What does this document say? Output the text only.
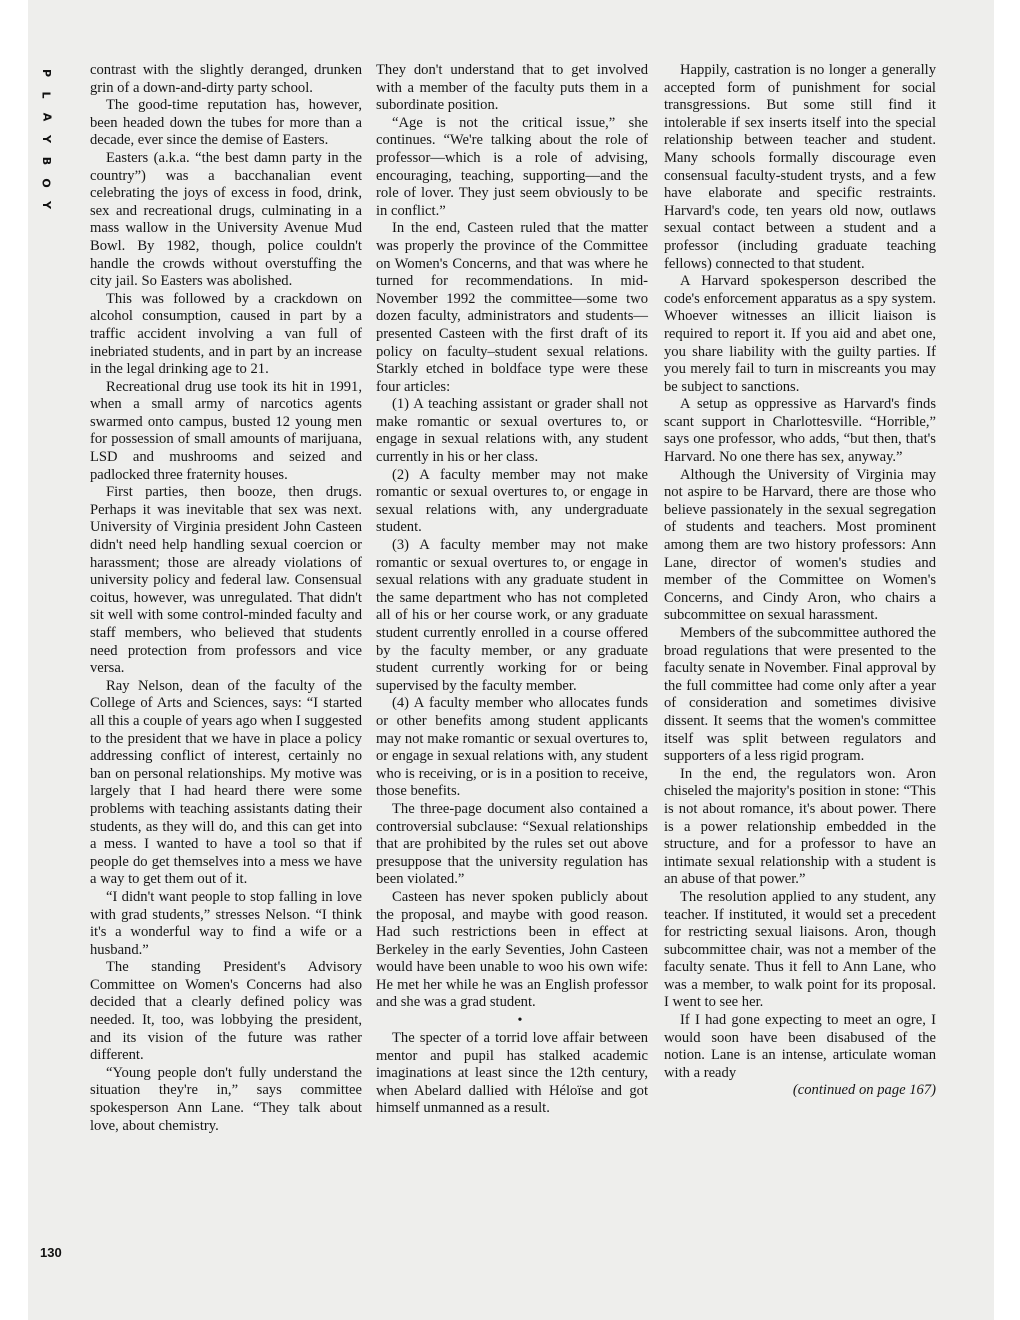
P
L
A
Y
B
O
Y
130

contrast with the slightly deranged, drunken grin of a down-and-dirty party school.

The good-time reputation has, however, been headed down the tubes for more than a decade, ever since the demise of Easters.

Easters (a.k.a. “the best damn party in the country”) was a bacchanalian event celebrating the joys of excess in food, drink, sex and recreational drugs, culminating in a mass wallow in the University Avenue Mud Bowl. By 1982, though, police couldn't handle the crowds without overstuffing the city jail. So Easters was abolished.

This was followed by a crackdown on alcohol consumption, caused in part by a traffic accident involving a van full of inebriated students, and in part by an increase in the legal drinking age to 21.

Recreational drug use took its hit in 1991, when a small army of narcotics agents swarmed onto campus, busted 12 young men for possession of small amounts of marijuana, LSD and mushrooms and seized and padlocked three fraternity houses.

First parties, then booze, then drugs. Perhaps it was inevitable that sex was next. University of Virginia president John Casteen didn't need help handling sexual coercion or harassment; those are already violations of university policy and federal law. Consensual coitus, however, was unregulated. That didn't sit well with some control-minded faculty and staff members, who believed that students need protection from professors and vice versa.

Ray Nelson, dean of the faculty of the College of Arts and Sciences, says: “I started all this a couple of years ago when I suggested to the president that we have in place a policy addressing conflict of interest, certainly no ban on personal relationships. My motive was largely that I had heard there were some problems with teaching assistants dating their students, as they will do, and this can get into a mess. I wanted to have a tool so that if people do get themselves into a mess we have a way to get them out of it.

“I didn't want people to stop falling in love with grad students,” stresses Nelson. “I think it's a wonderful way to find a wife or a husband.”

The standing President's Advisory Committee on Women's Concerns had also decided that a clearly defined policy was needed. It, too, was lobbying the president, and its vision of the future was rather different.

“Young people don't fully understand the situation they're in,” says committee spokesperson Ann Lane. “They talk about love, about chemistry.

They don't understand that to get involved with a member of the faculty puts them in a subordinate position.

“Age is not the critical issue,” she continues. “We're talking about the role of professor—which is a role of advising, encouraging, teaching, supporting—and the role of lover. They just seem obviously to be in conflict.”

In the end, Casteen ruled that the matter was properly the province of the Committee on Women's Concerns, and that was where he turned for recommendations. In mid-November 1992 the committee—some two dozen faculty, administrators and students—presented Casteen with the first draft of its policy on faculty–student sexual relations. Starkly etched in boldface type were these four articles:

(1) A teaching assistant or grader shall not make romantic or sexual overtures to, or engage in sexual relations with, any student currently in his or her class.

(2) A faculty member may not make romantic or sexual overtures to, or engage in sexual relations with, any undergraduate student.

(3) A faculty member may not make romantic or sexual overtures to, or engage in sexual relations with any graduate student in the same department who has not completed all of his or her course work, or any graduate student currently enrolled in a course offered by the faculty member, or any graduate student currently working for or being supervised by the faculty member.

(4) A faculty member who allocates funds or other benefits among student applicants may not make romantic or sexual overtures to, or engage in sexual relations with, any student who is receiving, or is in a position to receive, those benefits.

The three-page document also contained a controversial subclause: “Sexual relationships that are prohibited by the rules set out above presuppose that the university regulation has been violated.”

Casteen has never spoken publicly about the proposal, and maybe with good reason. Had such restrictions been in effect at Berkeley in the early Seventies, John Casteen would have been unable to woo his own wife: He met her while he was an English professor and she was a grad student.

•

The specter of a torrid love affair between mentor and pupil has stalked academic imaginations at least since the 12th century, when Abelard dallied with Héloïse and got himself unmanned as a result.

Happily, castration is no longer a generally accepted form of punishment for social transgressions. But some still find it intolerable if sex inserts itself into the special relationship between teacher and student. Many schools formally discourage even consensual faculty-student trysts, and a few have elaborate and specific restraints. Harvard's code, ten years old now, outlaws sexual contact between a student and a professor (including graduate teaching fellows) connected to that student.

A Harvard spokesperson described the code's enforcement apparatus as a spy system. Whoever witnesses an illicit liaison is required to report it. If you aid and abet one, you share liability with the guilty parties. If you merely fail to turn in miscreants you may be subject to sanctions.

A setup as oppressive as Harvard's finds scant support in Charlottesville. “Horrible,” says one professor, who adds, “but then, that's Harvard. No one there has sex, anyway.”

Although the University of Virginia may not aspire to be Harvard, there are those who believe passionately in the sexual segregation of students and teachers. Most prominent among them are two history professors: Ann Lane, director of women's studies and member of the Committee on Women's Concerns, and Cindy Aron, who chairs a subcommittee on sexual harassment.

Members of the subcommittee authored the broad regulations that were presented to the faculty senate in November. Final approval by the full committee had come only after a year of consideration and sometimes divisive dissent. It seems that the women's committee itself was split between regulators and supporters of a less rigid program.

In the end, the regulators won. Aron chiseled the majority's position in stone: “This is not about romance, it's about power. There is a power relationship embedded in the structure, and for a professor to have an intimate sexual relationship with a student is an abuse of that power.”

The resolution applied to any student, any teacher. If instituted, it would set a precedent for restricting sexual liaisons. Aron, though subcommittee chair, was not a member of the faculty senate. Thus it fell to Ann Lane, who was a member, to walk point for its proposal. I went to see her.

If I had gone expecting to meet an ogre, I would soon have been disabused of the notion. Lane is an intense, articulate woman with a ready

(continued on page 167)
